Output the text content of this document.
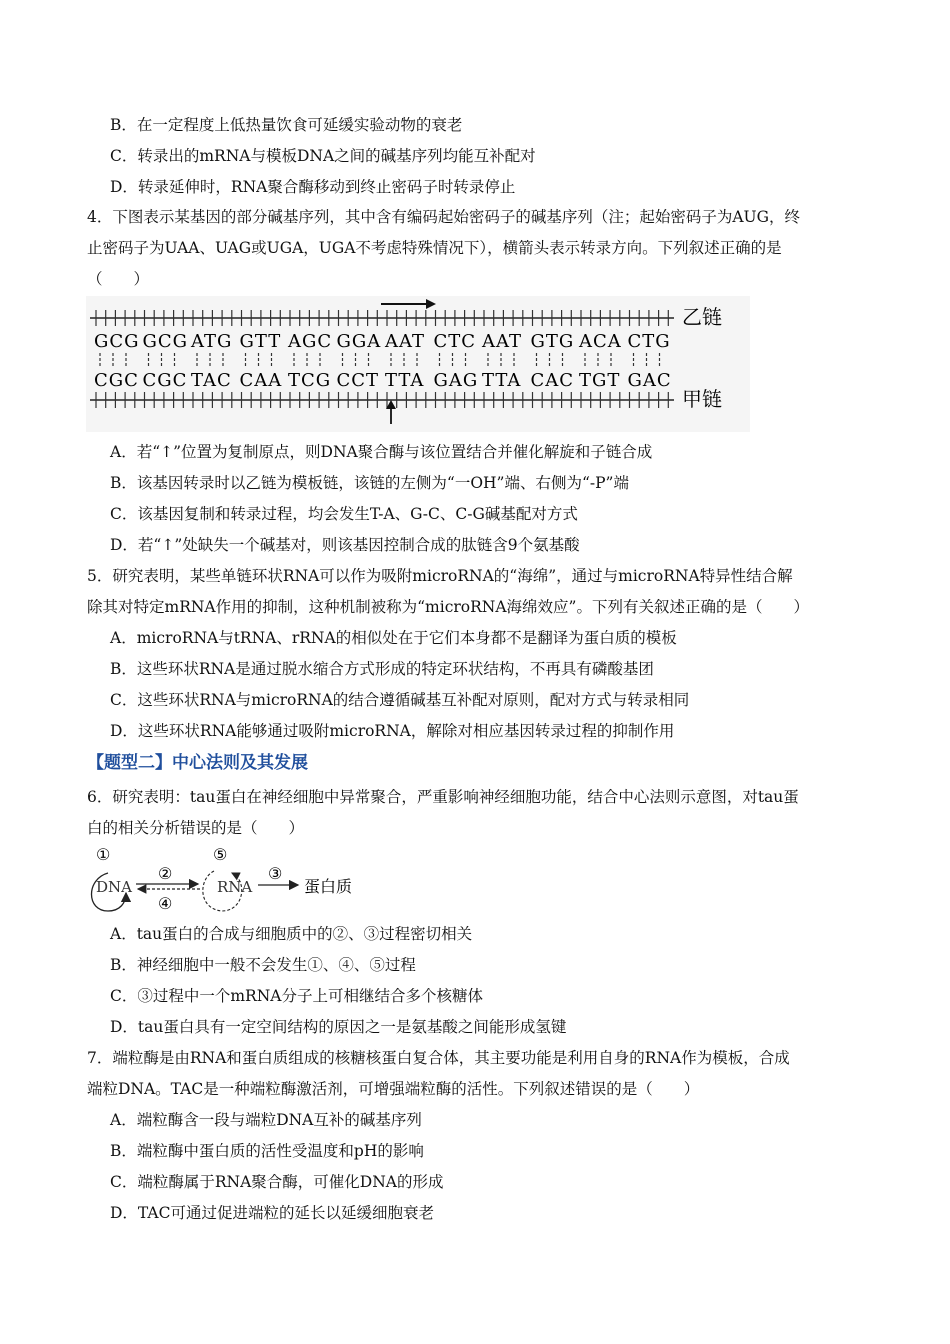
B．在一定程度上低热量饮食可延缓实验动物的衰老
C．转录出的mRNA与模板DNA之间的碱基序列均能互补配对
D．转录延伸时，RNA聚合酶移动到终止密码子时转录停止
4．下图表示某基因的部分碱基序列，其中含有编码起始密码子的碱基序列（注；起始密码子为AUG，终
止密码子为UAA、UAG或UGA，UGA不考虑特殊情况下），横箭头表示转录方向。下列叙述正确的是
（　　）
乙链
GCG GCG ATG GTT AGC GGA AAT CTC AAT GTG ACA CTG
CGC CGC TAC CAA TCG CCT TTA GAG TTA CAC TGT GAC
甲链
A．若“↑”位置为复制原点，则DNA聚合酶与该位置结合并催化解旋和子链合成
B．该基因转录时以乙链为模板链，该链的左侧为“一OH”端、右侧为“-P”端
C．该基因复制和转录过程，均会发生T-A、G-C、C-G碱基配对方式
D．若“↑”处缺失一个碱基对，则该基因控制合成的肽链含9个氨基酸
5．研究表明，某些单链环状RNA可以作为吸附microRNA的“海绵”，通过与microRNA特异性结合解
除其对特定mRNA作用的抑制，这种机制被称为“microRNA海绵效应”。下列有关叙述正确的是（　　）
A．microRNA与tRNA、rRNA的相似处在于它们本身都不是翻译为蛋白质的模板
B．这些环状RNA是通过脱水缩合方式形成的特定环状结构，不再具有磷酸基团
C．这些环状RNA与microRNA的结合遵循碱基互补配对原则，配对方式与转录相同
D．这些环状RNA能够通过吸附microRNA，解除对相应基因转录过程的抑制作用
【题型二】中心法则及其发展
6．研究表明：tau蛋白在神经细胞中异常聚合，严重影响神经细胞功能，结合中心法则示意图，对tau蛋
白的相关分析错误的是（　　）
①
DNA
②
④
⑤
RNA
③
蛋白质
A．tau蛋白的合成与细胞质中的②、③过程密切相关
B．神经细胞中一般不会发生①、④、⑤过程
C．③过程中一个mRNA分子上可相继结合多个核糖体
D．tau蛋白具有一定空间结构的原因之一是氨基酸之间能形成氢键
7．端粒酶是由RNA和蛋白质组成的核糖核蛋白复合体，其主要功能是利用自身的RNA作为模板，合成
端粒DNA。TAC是一种端粒酶激活剂，可增强端粒酶的活性。下列叙述错误的是（　　）
A．端粒酶含一段与端粒DNA互补的碱基序列
B．端粒酶中蛋白质的活性受温度和pH的影响
C．端粒酶属于RNA聚合酶，可催化DNA的形成
D．TAC可通过促进端粒的延长以延缓细胞衰老
